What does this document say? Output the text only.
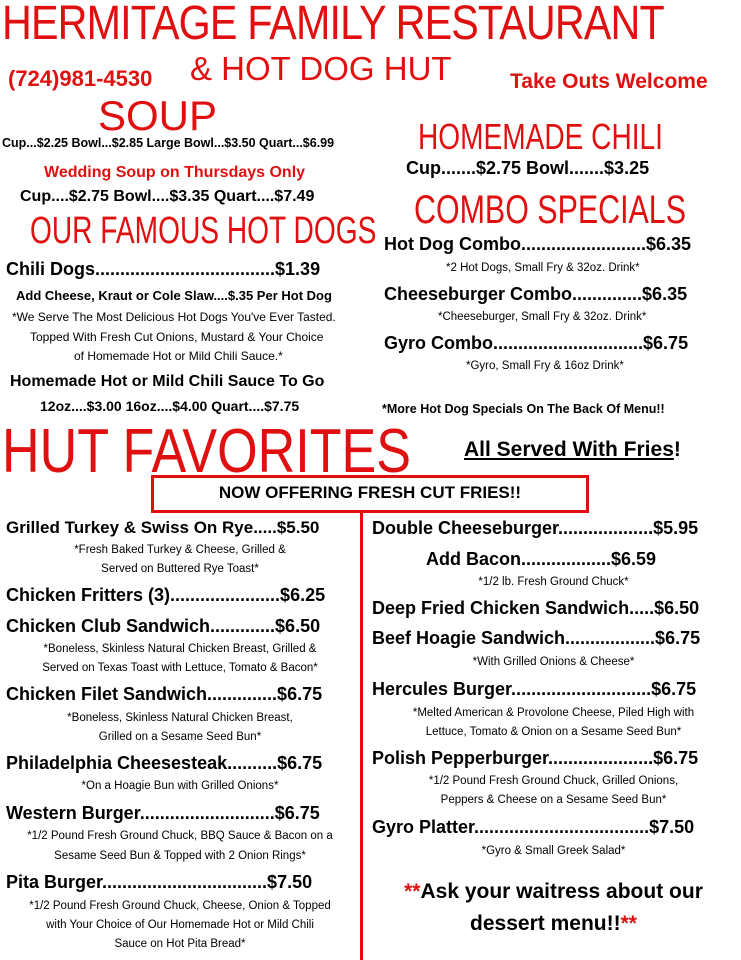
HERMITAGE FAMILY RESTAURANT
& HOT DOG HUT
(724)981-4530	Take Outs Welcome
SOUP
Cup...$2.25 Bowl...$2.85 Large Bowl...$3.50 Quart...$6.99
Wedding Soup on Thursdays Only
Cup....$2.75 Bowl....$3.35 Quart....$7.49
HOMEMADE CHILI
Cup.......$2.75 Bowl.......$3.25
OUR FAMOUS HOT DOGS
Chili Dogs....................................$1.39
Add Cheese, Kraut or Cole Slaw....$.35 Per Hot Dog
*We Serve The Most Delicious Hot Dogs You've Ever Tasted.
Topped With Fresh Cut Onions, Mustard & Your Choice
of Homemade Hot or Mild Chili Sauce.*
Homemade Hot or Mild Chili Sauce To Go
12oz....$3.00 16oz....$4.00 Quart....$7.75
COMBO SPECIALS
Hot Dog Combo.........................$6.35
*2 Hot Dogs, Small Fry & 32oz. Drink*
Cheeseburger Combo..............$6.35
*Cheeseburger, Small Fry & 32oz. Drink*
Gyro Combo..............................$6.75
*Gyro, Small Fry & 16oz Drink*
*More Hot Dog Specials On The Back Of Menu!!
HUT FAVORITES	All Served With Fries!
NOW OFFERING FRESH CUT FRIES!!
Grilled Turkey & Swiss On Rye.....$5.50
*Fresh Baked Turkey & Cheese, Grilled &
Served on Buttered Rye Toast*
Chicken Fritters (3)......................$6.25
Chicken Club Sandwich.............$6.50
*Boneless, Skinless Natural Chicken Breast, Grilled &
Served on Texas Toast with Lettuce, Tomato & Bacon*
Chicken Filet Sandwich..............$6.75
*Boneless, Skinless Natural Chicken Breast,
Grilled on a Sesame Seed Bun*
Philadelphia Cheesesteak..........$6.75
*On a Hoagie Bun with Grilled Onions*
Western Burger...........................$6.75
*1/2 Pound Fresh Ground Chuck, BBQ Sauce & Bacon on a
Sesame Seed Bun & Topped with 2 Onion Rings*
Pita Burger.................................$7.50
*1/2 Pound Fresh Ground Chuck, Cheese, Onion & Topped
with Your Choice of Our Homemade Hot or Mild Chili
Sauce on Hot Pita Bread*
Double Cheeseburger...................$5.95
Add Bacon..................$6.59
*1/2 lb. Fresh Ground Chuck*
Deep Fried Chicken Sandwich.....$6.50
Beef Hoagie Sandwich..................$6.75
*With Grilled Onions & Cheese*
Hercules Burger............................$6.75
*Melted American & Provolone Cheese, Piled High with
Lettuce, Tomato & Onion on a Sesame Seed Bun*
Polish Pepperburger.....................$6.75
*1/2 Pound Fresh Ground Chuck, Grilled Onions,
Peppers & Cheese on a Sesame Seed Bun*
Gyro Platter...................................$7.50
*Gyro & Small Greek Salad*
**Ask your waitress about our
dessert menu!!**
